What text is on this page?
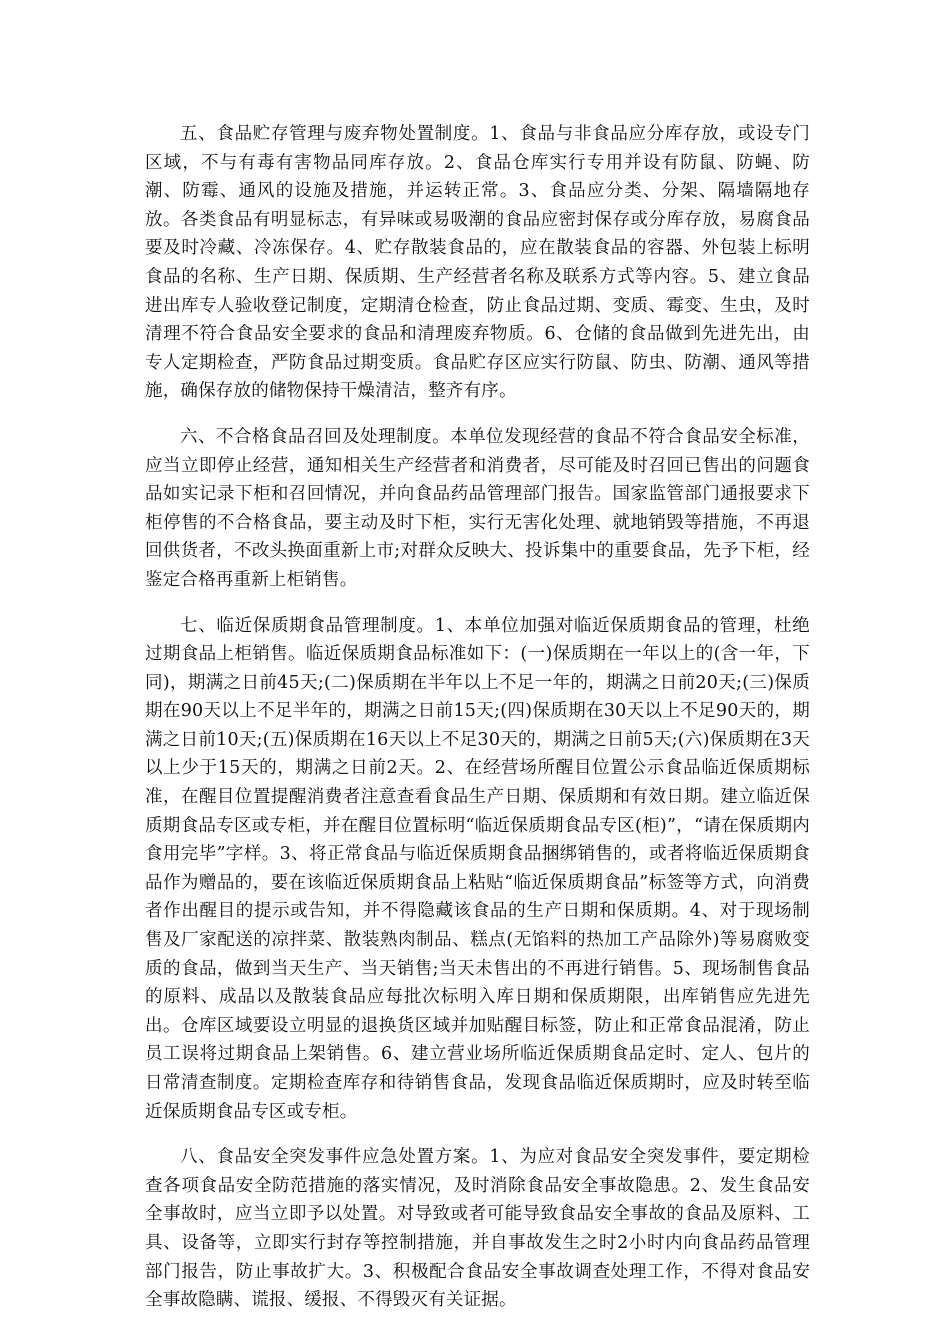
五、食品贮存管理与废弃物处置制度。1、食品与非食品应分库存放，或设专门区域，不与有毒有害物品同库存放。2、食品仓库实行专用并设有防鼠、防蝇、防潮、防霉、通风的设施及措施，并运转正常。3、食品应分类、分架、隔墙隔地存放。各类食品有明显标志，有异味或易吸潮的食品应密封保存或分库存放，易腐食品要及时冷藏、冷冻保存。4、贮存散装食品的，应在散装食品的容器、外包装上标明食品的名称、生产日期、保质期、生产经营者名称及联系方式等内容。5、建立食品进出库专人验收登记制度，定期清仓检查，防止食品过期、变质、霉变、生虫，及时清理不符合食品安全要求的食品和清理废弃物质。6、仓储的食品做到先进先出，由专人定期检查，严防食品过期变质。食品贮存区应实行防鼠、防虫、防潮、通风等措施，确保存放的储物保持干燥清洁，整齐有序。

六、不合格食品召回及处理制度。本单位发现经营的食品不符合食品安全标准，应当立即停止经营，通知相关生产经营者和消费者，尽可能及时召回已售出的问题食品如实记录下柜和召回情况，并向食品药品管理部门报告。国家监管部门通报要求下柜停售的不合格食品，要主动及时下柜，实行无害化处理、就地销毁等措施，不再退回供货者，不改头换面重新上市;对群众反映大、投诉集中的重要食品，先予下柜，经鉴定合格再重新上柜销售。

七、临近保质期食品管理制度。1、本单位加强对临近保质期食品的管理，杜绝过期食品上柜销售。临近保质期食品标准如下：(一)保质期在一年以上的(含一年，下同)，期满之日前45天;(二)保质期在半年以上不足一年的，期满之日前20天;(三)保质期在90天以上不足半年的，期满之日前15天;(四)保质期在30天以上不足90天的，期满之日前10天;(五)保质期在16天以上不足30天的，期满之日前5天;(六)保质期在3天以上少于15天的，期满之日前2天。2、在经营场所醒目位置公示食品临近保质期标准，在醒目位置提醒消费者注意查看食品生产日期、保质期和有效日期。建立临近保质期食品专区或专柜，并在醒目位置标明“临近保质期食品专区(柜)”，“请在保质期内食用完毕”字样。3、将正常食品与临近保质期食品捆绑销售的，或者将临近保质期食品作为赠品的，要在该临近保质期食品上粘贴“临近保质期食品”标签等方式，向消费者作出醒目的提示或告知，并不得隐藏该食品的生产日期和保质期。4、对于现场制售及厂家配送的凉拌菜、散装熟肉制品、糕点(无馅料的热加工产品除外)等易腐败变质的食品，做到当天生产、当天销售;当天未售出的不再进行销售。5、现场制售食品的原料、成品以及散装食品应每批次标明入库日期和保质期限，出库销售应先进先出。仓库区域要设立明显的退换货区域并加贴醒目标签，防止和正常食品混淆，防止员工误将过期食品上架销售。6、建立营业场所临近保质期食品定时、定人、包片的日常清查制度。定期检查库存和待销售食品，发现食品临近保质期时，应及时转至临近保质期食品专区或专柜。

八、食品安全突发事件应急处置方案。1、为应对食品安全突发事件，要定期检查各项食品安全防范措施的落实情况，及时消除食品安全事故隐患。2、发生食品安全事故时，应当立即予以处置。对导致或者可能导致食品安全事故的食品及原料、工具、设备等，立即实行封存等控制措施，并自事故发生之时2小时内向食品药品管理部门报告，防止事故扩大。3、积极配合食品安全事故调查处理工作，不得对食品安全事故隐瞒、谎报、缓报、不得毁灭有关证据。
